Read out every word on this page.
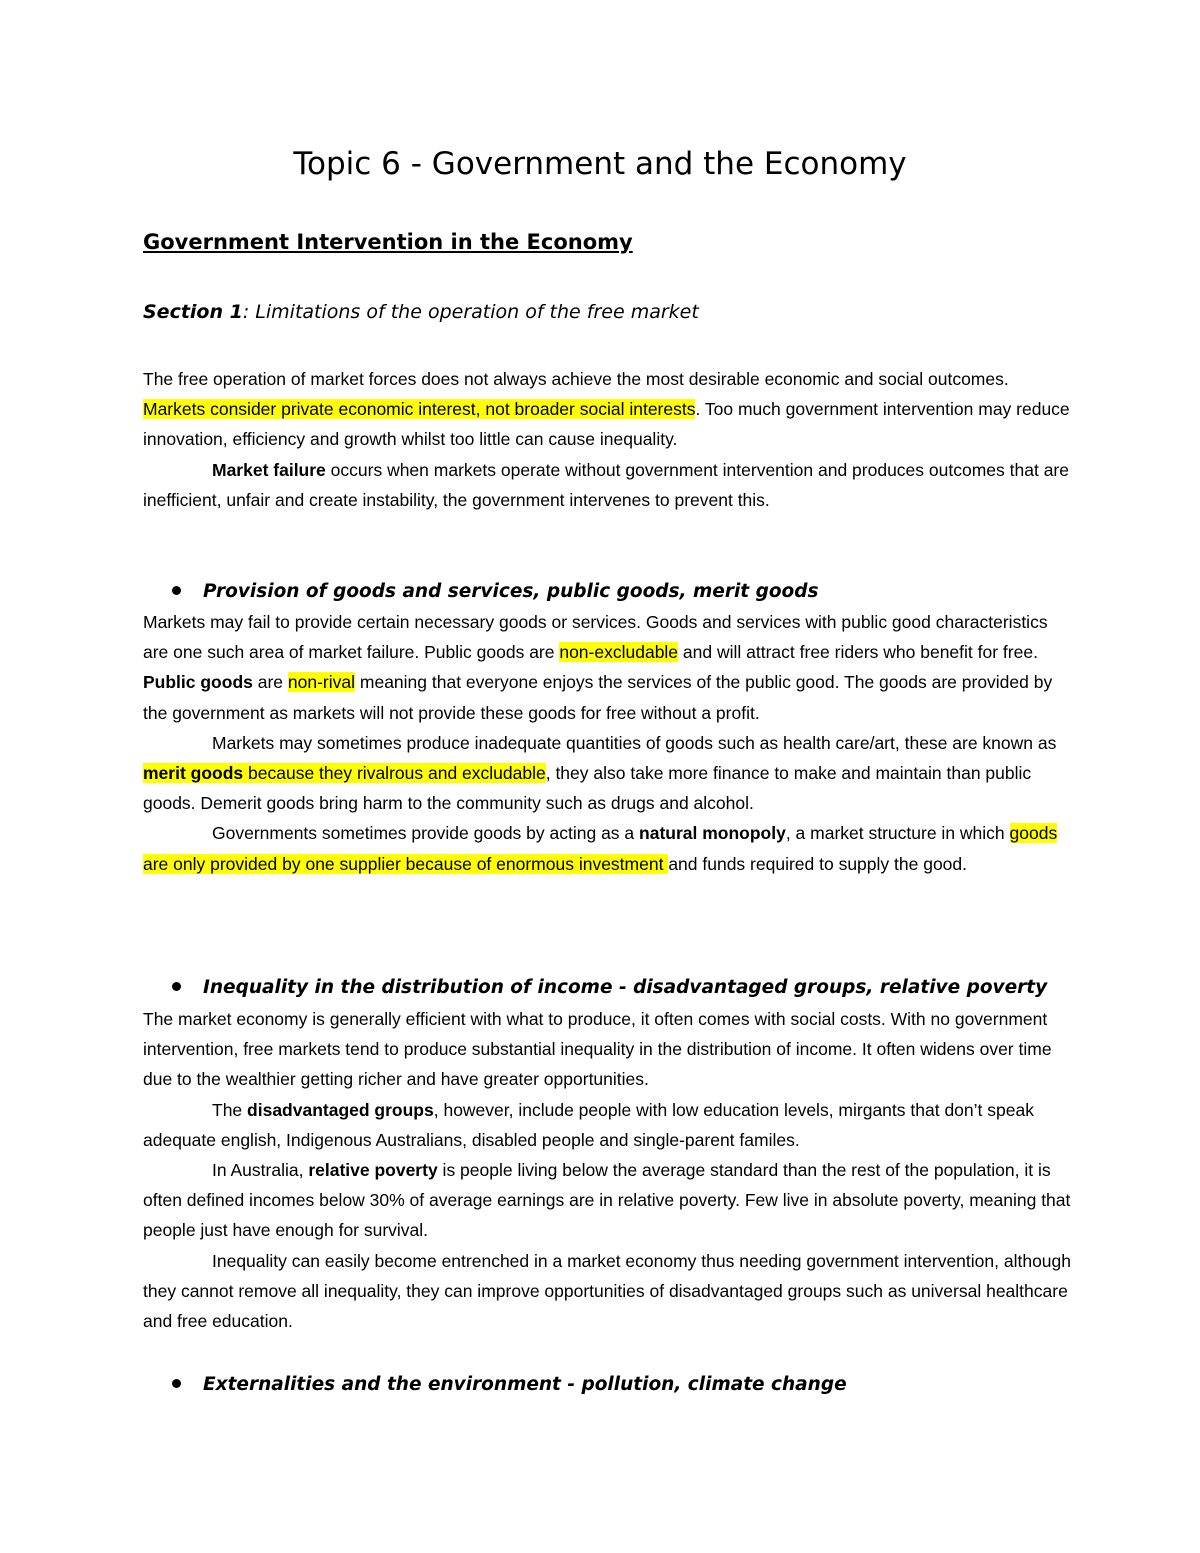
Topic 6 - Government and the Economy
Government Intervention in the Economy
Section 1: Limitations of the operation of the free market

The free operation of market forces does not always achieve the most desirable economic and social outcomes. Markets consider private economic interest, not broader social interests. Too much government intervention may reduce innovation, efficiency and growth whilst too little can cause inequality.

Market failure occurs when markets operate without government intervention and produces outcomes that are inefficient, unfair and create instability, the government intervenes to prevent this.

Provision of goods and services, public goods, merit goods

Markets may fail to provide certain necessary goods or services. Goods and services with public good characteristics are one such area of market failure. Public goods are non-excludable and will attract free riders who benefit for free. Public goods are non-rival meaning that everyone enjoys the services of the public good. The goods are provided by the government as markets will not provide these goods for free without a profit.

Markets may sometimes produce inadequate quantities of goods such as health care/art, these are known as merit goods because they rivalrous and excludable, they also take more finance to make and maintain than public goods. Demerit goods bring harm to the community such as drugs and alcohol.

Governments sometimes provide goods by acting as a natural monopoly, a market structure in which goods are only provided by one supplier because of enormous investment and funds required to supply the good.

Inequality in the distribution of income - disadvantaged groups, relative poverty

The market economy is generally efficient with what to produce, it often comes with social costs. With no government intervention, free markets tend to produce substantial inequality in the distribution of income. It often widens over time due to the wealthier getting richer and have greater opportunities.

The disadvantaged groups, however, include people with low education levels, mirgants that don’t speak adequate english, Indigenous Australians, disabled people and single-parent familes.

In Australia, relative poverty is people living below the average standard than the rest of the population, it is often defined incomes below 30% of average earnings are in relative poverty. Few live in absolute poverty, meaning that people just have enough for survival.

Inequality can easily become entrenched in a market economy thus needing government intervention, although they cannot remove all inequality, they can improve opportunities of disadvantaged groups such as universal healthcare and free education.

Externalities and the environment - pollution, climate change
